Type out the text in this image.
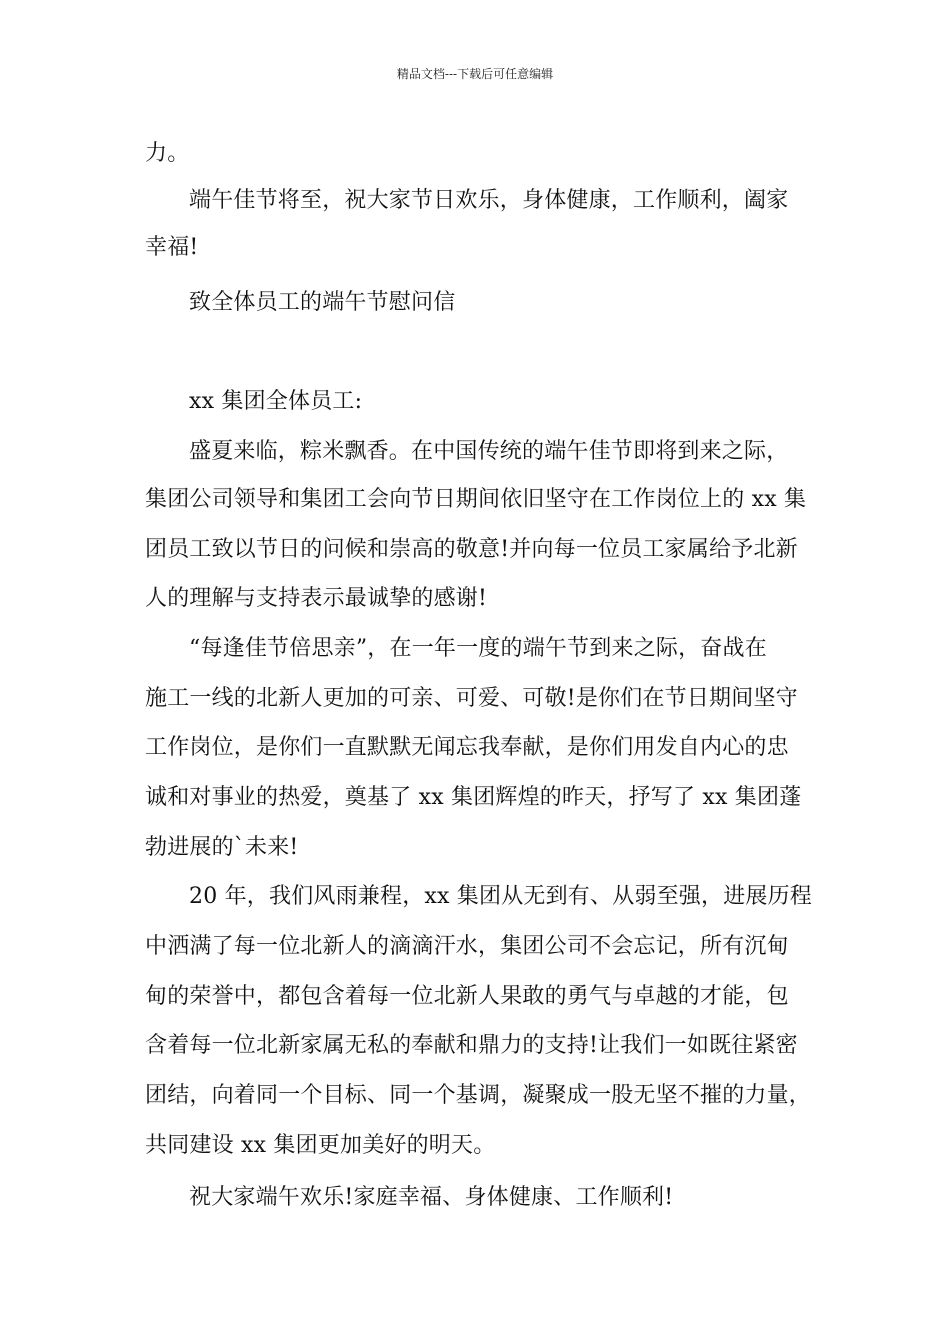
精品文档---下载后可任意编辑
力。
端午佳节将至，祝大家节日欢乐，身体健康，工作顺利，阖家
幸福!
致全体员工的端午节慰问信
xx 集团全体员工:
盛夏来临，粽米飘香。在中国传统的端午佳节即将到来之际，
集团公司领导和集团工会向节日期间依旧坚守在工作岗位上的 xx 集
团员工致以节日的问候和崇高的敬意!并向每一位员工家属给予北新
人的理解与支持表示最诚挚的感谢!
“每逢佳节倍思亲”，在一年一度的端午节到来之际，奋战在
施工一线的北新人更加的可亲、可爱、可敬!是你们在节日期间坚守
工作岗位，是你们一直默默无闻忘我奉献，是你们用发自内心的忠
诚和对事业的热爱，奠基了 xx 集团辉煌的昨天，抒写了 xx 集团蓬
勃进展的`未来!
20 年，我们风雨兼程，xx 集团从无到有、从弱至强，进展历程
中洒满了每一位北新人的滴滴汗水，集团公司不会忘记，所有沉甸
甸的荣誉中，都包含着每一位北新人果敢的勇气与卓越的才能，包
含着每一位北新家属无私的奉献和鼎力的支持!让我们一如既往紧密
团结，向着同一个目标、同一个基调，凝聚成一股无坚不摧的力量，
共同建设 xx 集团更加美好的明天。
祝大家端午欢乐!家庭幸福、身体健康、工作顺利!
